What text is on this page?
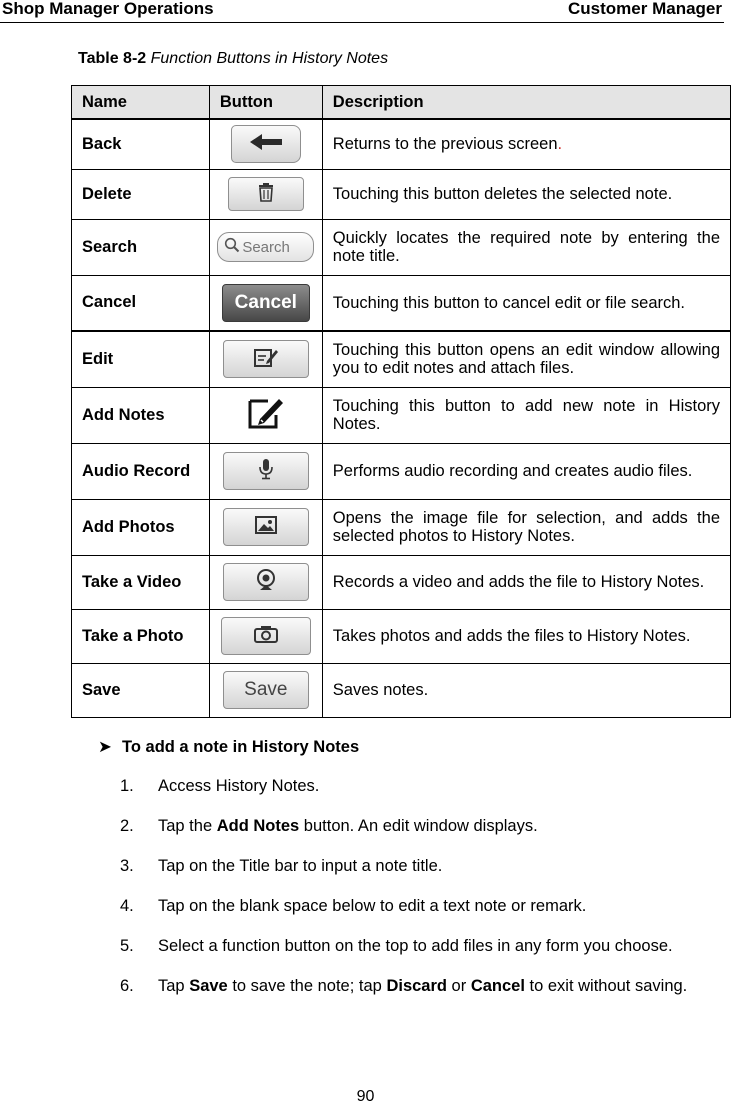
Shop Manager Operations	Customer Manager
Table 8-2 Function Buttons in History Notes
Name	Button	Description
Back		Returns to the previous screen.
Delete		Touching this button deletes the selected note.
Search	Search	Quickly locates the required note by entering the note title.
Cancel	Cancel	Touching this button to cancel edit or file search.
Edit		Touching this button opens an edit window allowing you to edit notes and attach files.
Add Notes		Touching this button to add new note in History Notes.
Audio Record		Performs audio recording and creates audio files.
Add Photos		Opens the image file for selection, and adds the selected photos to History Notes.
Take a Video		Records a video and adds the file to History Notes.
Take a Photo		Takes photos and adds the files to History Notes.
Save	Save	Saves notes.
➤ To add a note in History Notes
1. Access History Notes.
2. Tap the Add Notes button. An edit window displays.
3. Tap on the Title bar to input a note title.
4. Tap on the blank space below to edit a text note or remark.
5. Select a function button on the top to add files in any form you choose.
6. Tap Save to save the note; tap Discard or Cancel to exit without saving.
90
